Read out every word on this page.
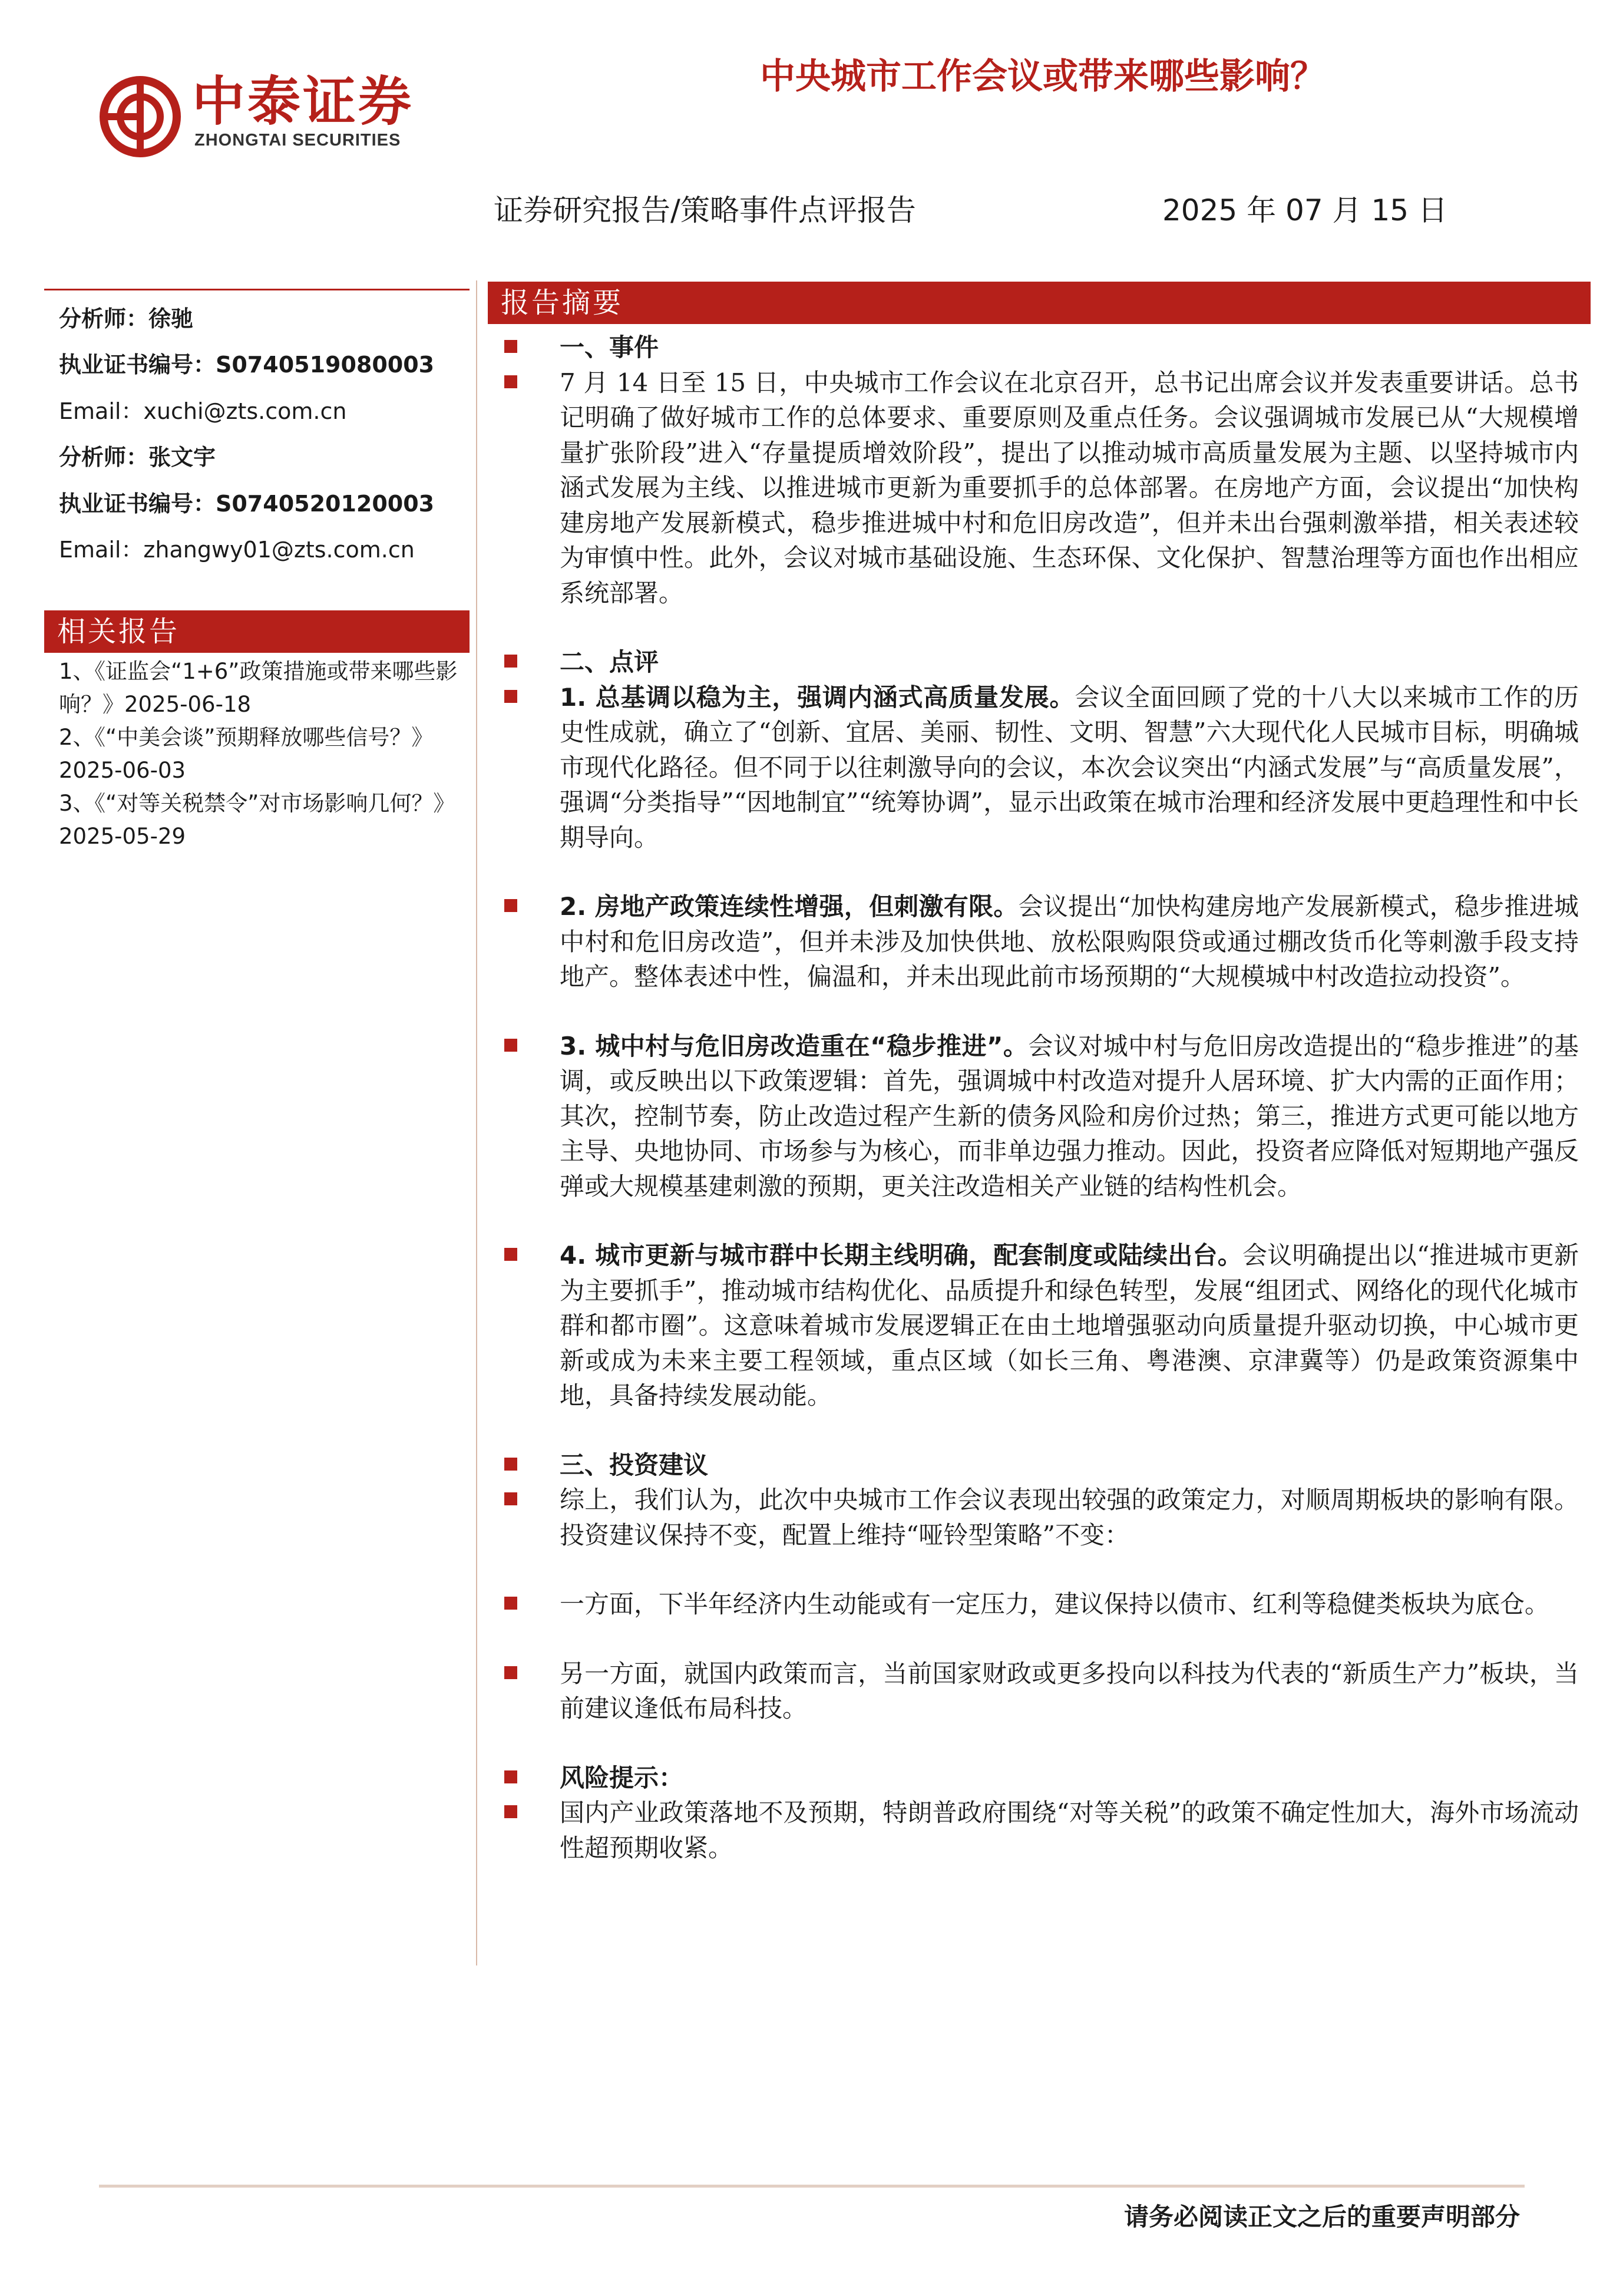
中泰证券
ZHONGTAI SECURITIES
中央城市工作会议或带来哪些影响？
证券研究报告/策略事件点评报告	2025 年 07 月 15 日
分析师：徐驰
执业证书编号：S0740519080003
Email：xuchi@zts.com.cn
分析师：张文宇
执业证书编号：S0740520120003
Email：zhangwy01@zts.com.cn
相关报告

1、《证监会“1+6”政策措施或带来哪些影响？》2025-06-18

2、《“中美会谈”预期释放哪些信号？》2025-06-03

3、《“对等关税禁令”对市场影响几何？》2025-05-29

报告摘要

一、事件

7 月 14 日至 15 日，中央城市工作会议在北京召开，总书记出席会议并发表重要讲话。总书记明确了做好城市工作的总体要求、重要原则及重点任务。会议强调城市发展已从“大规模增量扩张阶段”进入“存量提质增效阶段”，提出了以推动城市高质量发展为主题、以坚持城市内涵式发展为主线、以推进城市更新为重要抓手的总体部署。在房地产方面，会议提出“加快构建房地产发展新模式，稳步推进城中村和危旧房改造”，但并未出台强刺激举措，相关表述较为审慎中性。此外，会议对城市基础设施、生态环保、文化保护、智慧治理等方面也作出相应系统部署。

二、点评

1. 总基调以稳为主，强调内涵式高质量发展。会议全面回顾了党的十八大以来城市工作的历史性成就，确立了“创新、宜居、美丽、韧性、文明、智慧”六大现代化人民城市目标，明确城市现代化路径。但不同于以往刺激导向的会议，本次会议突出“内涵式发展”与“高质量发展”，强调“分类指导”“因地制宜”“统筹协调”，显示出政策在城市治理和经济发展中更趋理性和中长期导向。

2. 房地产政策连续性增强，但刺激有限。会议提出“加快构建房地产发展新模式，稳步推进城中村和危旧房改造”，但并未涉及加快供地、放松限购限贷或通过棚改货币化等刺激手段支持地产。整体表述中性，偏温和，并未出现此前市场预期的“大规模城中村改造拉动投资”。

3. 城中村与危旧房改造重在“稳步推进”。会议对城中村与危旧房改造提出的“稳步推进”的基调，或反映出以下政策逻辑：首先，强调城中村改造对提升人居环境、扩大内需的正面作用；其次，控制节奏，防止改造过程产生新的债务风险和房价过热；第三，推进方式更可能以地方主导、央地协同、市场参与为核心，而非单边强力推动。因此，投资者应降低对短期地产强反弹或大规模基建刺激的预期，更关注改造相关产业链的结构性机会。

4. 城市更新与城市群中长期主线明确，配套制度或陆续出台。会议明确提出以“推进城市更新为主要抓手”，推动城市结构优化、品质提升和绿色转型，发展“组团式、网络化的现代化城市群和都市圈”。这意味着城市发展逻辑正在由土地增强驱动向质量提升驱动切换，中心城市更新或成为未来主要工程领域，重点区域（如长三角、粤港澳、京津冀等）仍是政策资源集中地，具备持续发展动能。

三、投资建议

综上，我们认为，此次中央城市工作会议表现出较强的政策定力，对顺周期板块的影响有限。投资建议保持不变，配置上维持“哑铃型策略”不变：

一方面，下半年经济内生动能或有一定压力，建议保持以债市、红利等稳健类板块为底仓。

另一方面，就国内政策而言，当前国家财政或更多投向以科技为代表的“新质生产力”板块，当前建议逢低布局科技。

风险提示：

国内产业政策落地不及预期，特朗普政府围绕“对等关税”的政策不确定性加大，海外市场流动性超预期收紧。

请务必阅读正文之后的重要声明部分
